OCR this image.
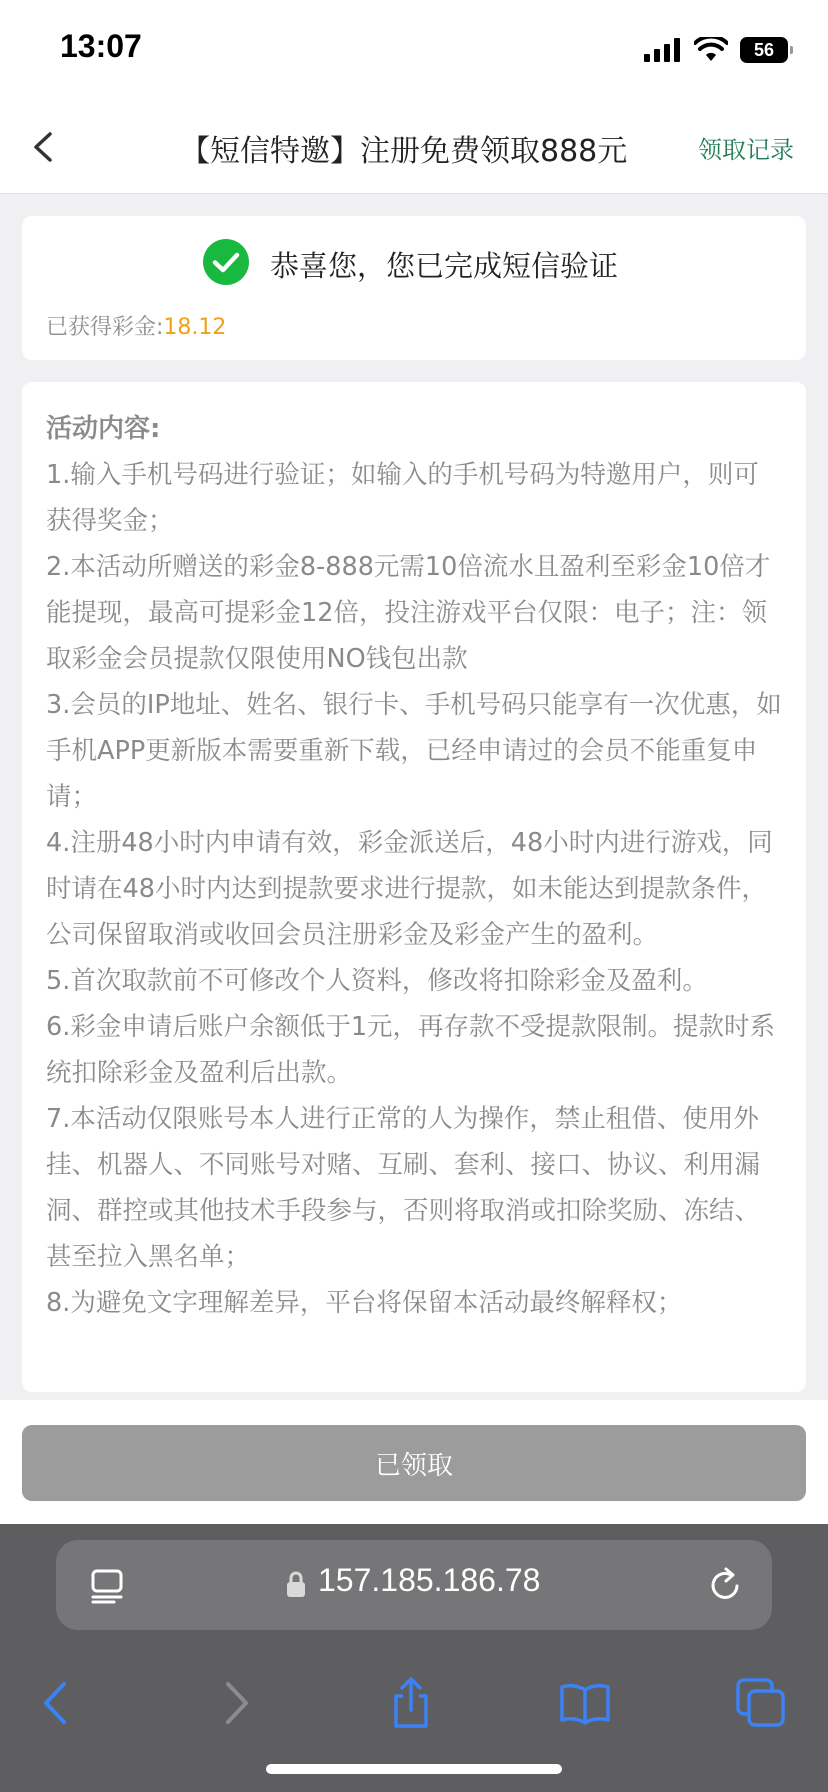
13:07	56
【短信特邀】注册免费领取888元	领取记录
恭喜您，您已完成短信验证
已获得彩金:18.12
活动内容:
1.输入手机号码进行验证；如输入的手机号码为特邀用户，则可获得奖金；
2.本活动所赠送的彩金8-888元需10倍流水且盈利至彩金10倍才能提现，最高可提彩金12倍，投注游戏平台仅限：电子；注：领取彩金会员提款仅限使用NO钱包出款
3.会员的IP地址、姓名、银行卡、手机号码只能享有一次优惠，如手机APP更新版本需要重新下载，已经申请过的会员不能重复申请；
4.注册48小时内申请有效，彩金派送后，48小时内进行游戏，同时请在48小时内达到提款要求进行提款，如未能达到提款条件，公司保留取消或收回会员注册彩金及彩金产生的盈利。
5.首次取款前不可修改个人资料，修改将扣除彩金及盈利。
6.彩金申请后账户余额低于1元，再存款不受提款限制。提款时系统扣除彩金及盈利后出款。
7.本活动仅限账号本人进行正常的人为操作，禁止租借、使用外挂、机器人、不同账号对赌、互刷、套利、接口、协议、利用漏洞、群控或其他技术手段参与，否则将取消或扣除奖励、冻结、甚至拉入黑名单；
8.为避免文字理解差异，平台将保留本活动最终解释权；
已领取
157.185.186.78
